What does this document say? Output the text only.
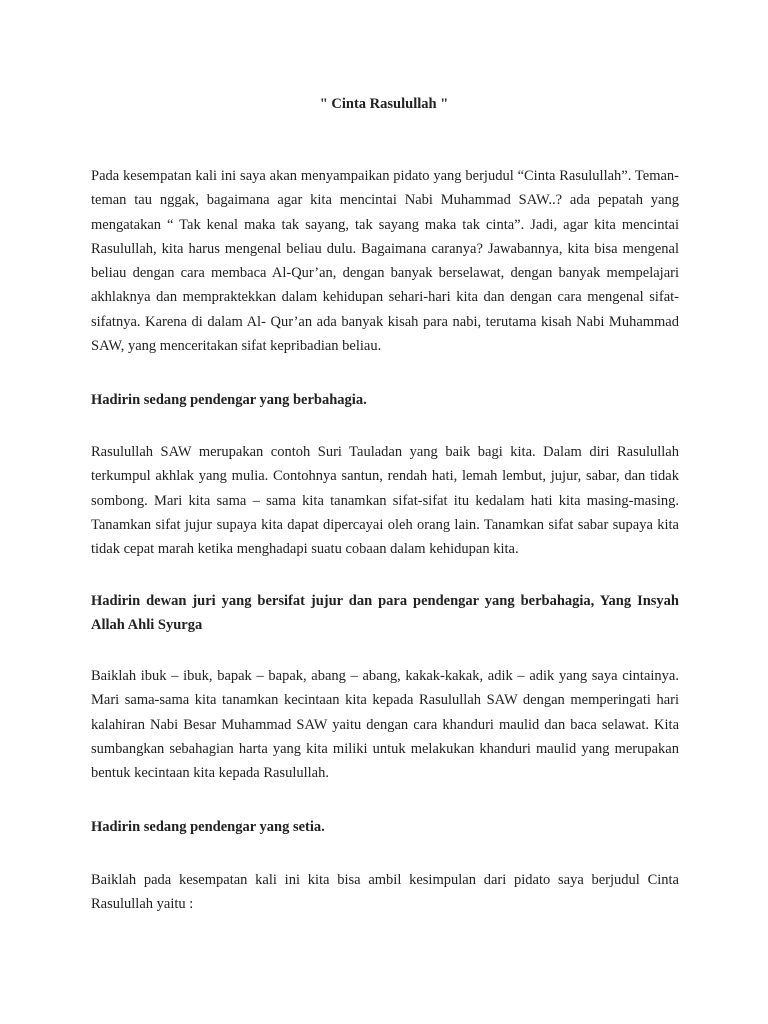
" Cinta Rasulullah "

Pada kesempatan kali ini saya akan menyampaikan pidato yang berjudul “Cinta Rasulullah”. Teman-teman tau nggak, bagaimana agar kita mencintai Nabi Muhammad SAW..? ada pepatah yang mengatakan “ Tak kenal maka tak sayang, tak sayang maka tak cinta”. Jadi, agar kita mencintai Rasulullah, kita harus mengenal beliau dulu. Bagaimana caranya? Jawabannya, kita bisa mengenal beliau dengan cara membaca Al-Qur’an, dengan banyak berselawat, dengan banyak mempelajari akhlaknya dan mempraktekkan dalam kehidupan sehari-hari kita dan dengan cara mengenal sifat-sifatnya. Karena di dalam Al- Qur’an ada banyak kisah para nabi, terutama kisah Nabi Muhammad SAW, yang menceritakan sifat kepribadian beliau.

Hadirin sedang pendengar yang berbahagia.

Rasulullah SAW merupakan contoh Suri Tauladan yang baik bagi kita. Dalam diri Rasulullah terkumpul akhlak yang mulia. Contohnya santun, rendah hati, lemah lembut, jujur, sabar, dan tidak sombong. Mari kita sama – sama kita tanamkan sifat-sifat itu kedalam hati kita masing-masing. Tanamkan sifat jujur supaya kita dapat dipercayai oleh orang lain. Tanamkan sifat sabar supaya kita tidak cepat marah ketika menghadapi suatu cobaan dalam kehidupan kita.

Hadirin dewan juri yang bersifat jujur dan para pendengar yang berbahagia, Yang Insyah Allah Ahli Syurga

Baiklah ibuk – ibuk, bapak – bapak, abang – abang, kakak-kakak, adik – adik yang saya cintainya. Mari sama-sama kita tanamkan kecintaan kita kepada Rasulullah SAW dengan memperingati hari kalahiran Nabi Besar Muhammad SAW yaitu dengan cara khanduri maulid dan baca selawat. Kita sumbangkan sebahagian harta yang kita miliki untuk melakukan khanduri maulid yang merupakan bentuk kecintaan kita kepada Rasulullah.

Hadirin sedang pendengar yang setia.

Baiklah pada kesempatan kali ini kita bisa ambil kesimpulan dari pidato saya berjudul Cinta Rasulullah yaitu :
